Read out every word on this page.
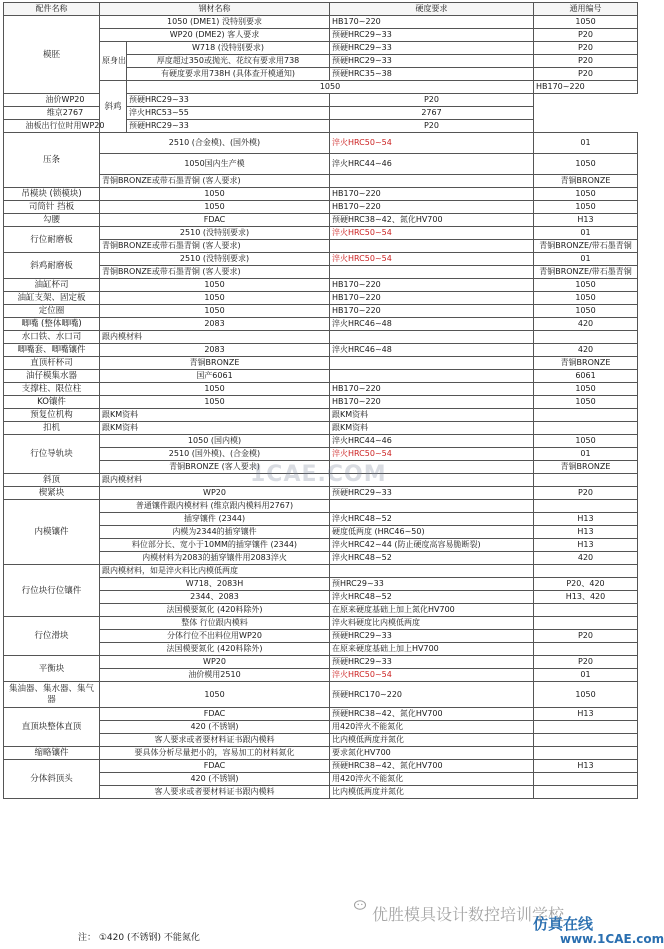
配件名称	钢材名称		硬度要求	通用编号	
模胚	1050 (DME1) 没特别要求		HB170~220	1050	
	WP20 (DME2) 客人要求		预硬HRC29~33	P20	
	原身出	W718 (没特别要求)	预硬HRC29~33	P20	
		厚度超过350或抛光、花纹有要求用738	预硬HRC29~33	P20	
		有硬度要求用738H (具体查开模通知)	预硬HRC35~38	P20	
	斜鸡	1050		HB170~220	
油价WP20		预硬HRC29~33	P20		
维京2767		淬火HRC53~55	2767		
油板出行位时用WP20		预硬HRC29~33	P20		
压条	2510 (合金模)、(国外模)		淬火HRC50~54	01	
	1050国内生产模		淬火HRC44~46	1050	
	青铜BRONZE或带石墨青铜 (客人要求)			青铜BRONZE	
吊模块 (锁模块)	1050		HB170~220	1050	
司筒针 挡板	1050		HB170~220	1050	
勾腰	FDAC		预硬HRC38~42、氮化HV700	H13	
行位耐磨板	2510 (没特别要求)		淬火HRC50~54	01	
	青铜BRONZE或带石墨青铜 (客人要求)			青铜BRONZE/带石墨青铜	
斜鸡耐磨板	2510 (没特别要求)		淬火HRC50~54	01	
	青铜BRONZE或带石墨青铜 (客人要求)			青铜BRONZE/带石墨青铜	
油缸杯司	1050		HB170~220	1050	
油缸支架、固定板	1050		HB170~220	1050	
定位圈	1050		HB170~220	1050	
唧嘴 (整体唧嘴)	2083		淬火HRC46~48	420	
水口铁、水口司	跟内模材料				
唧嘴套、唧嘴镶件	2083		淬火HRC46~48	420	
直顶杆杯司	青铜BRONZE			青铜BRONZE	
油仔模集水器	国产6061			6061	
支撑柱、限位柱	1050		HB170~220	1050	
KO镶件	1050		HB170~220	1050	
预复位机构	跟KM资料		跟KM资料		
扣机	跟KM资料		跟KM资料		
行位导轨块	1050 (国内模)		淬火HRC44~46	1050	
	2510 (国外模)、(合金模)		淬火HRC50~54	01	
	青铜BRONZE (客人要求)			青铜BRONZE	
斜顶	跟内模材料				
楔紧块	WP20		预硬HRC29~33	P20	
内模镶件	普通镶件跟内模材料 (维京跟内模料用2767)				
	插穿镶件 (2344)		淬火HRC48~52	H13	
	内模为2344的插穿镶件		硬度低两度 (HRC46~50)	H13	
	料位部分长、宽小于10MM的插穿镶件 (2344)		淬火HRC42~44 (防止硬度高容易脆断裂)	H13	
	内模材料为2083的插穿镶件用2083淬火		淬火HRC48~52	420	
行位块行位镶件	跟内模材料，如是淬火料比内模低两度				
	W718、2083H		预HRC29~33	P20、420	
	2344、2083		淬火HRC48~52	H13、420	
	法国模要氮化 (420料除外)		在原来硬度基础上加上氮化HV700		
行位滑块	整体 行位跟内模料		淬火料硬度比内模低两度		
	分体行位不出料位用WP20		预硬HRC29~33	P20	
	法国模要氮化 (420料除外)		在原来硬度基础上加上HV700		
平衡块	WP20		预硬HRC29~33	P20	
	油价模用2510		淬火HRC50~54	01	
集油器、集水器、集气器	1050		预硬HRC170~220	1050	
直顶块整体直顶	FDAC		预硬HRC38~42、氮化HV700	H13	
	420 (不锈钢)		用420淬火不能氮化		
	客人要求或者要材料证书跟内模料		比内模低两度并氮化		
缩略镶件	要具体分析尽量把小的，容易加工的材料氮化		要求氮化HV700		
分体斜顶头	FDAC		预硬HRC38~42、氮化HV700	H13	
	420 (不锈钢)		用420淬火不能氮化		
	客人要求或者要材料证书跟内模料		比内模低两度并氮化		
1CAE.COM
优胜模具设计数控培训学校
仿真在线
www.1CAE.com
注： ①420 (不锈钢) 不能氮化
